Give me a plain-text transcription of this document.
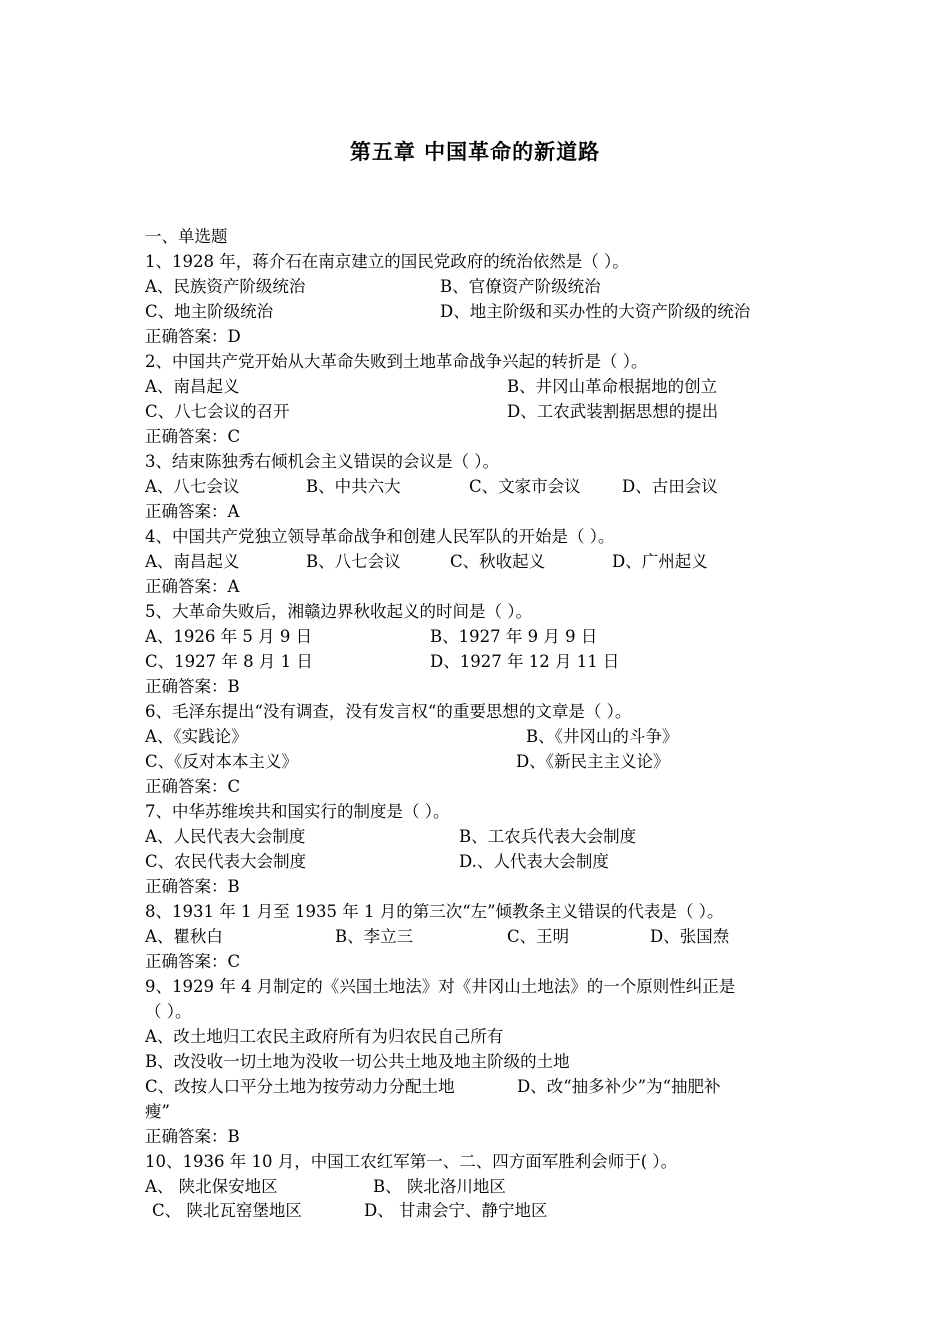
第五章 中国革命的新道路
一、单选题
1、1928 年，蒋介石在南京建立的国民党政府的统治依然是（ ）。
A、民族资产阶级统治	B、官僚资产阶级统治
C、地主阶级统治	D、地主阶级和买办性的大资产阶级的统治
正确答案：D
2、中国共产党开始从大革命失败到土地革命战争兴起的转折是（ ）。
A、南昌起义	B、井冈山革命根据地的创立
C、八七会议的召开	D、工农武装割据思想的提出
正确答案：C
3、结束陈独秀右倾机会主义错误的会议是（ ）。
A、八七会议	B、中共六大	C、文家市会议	D、古田会议
正确答案：A
4、中国共产党独立领导革命战争和创建人民军队的开始是（ ）。
A、南昌起义	B、八七会议	C、秋收起义	D、广州起义
正确答案：A
5、大革命失败后，湘赣边界秋收起义的时间是（ ）。
A、1926 年 5 月 9 日	B、1927 年 9 月 9 日
C、1927 年 8 月 1 日	D、1927 年 12 月 11 日
正确答案：B
6、毛泽东提出“没有调查，没有发言权“的重要思想的文章是（ ）。
A、《实践论》	B、《井冈山的斗争》
C、《反对本本主义》	D、《新民主主义论》
正确答案：C
7、中华苏维埃共和国实行的制度是（ ）。
A、人民代表大会制度	B、工农兵代表大会制度
C、农民代表大会制度	D.、人代表大会制度
正确答案：B
8、1931 年 1 月至 1935 年 1 月的第三次“左”倾教条主义错误的代表是（ ）。
A、瞿秋白	B、李立三	C、王明	D、张国焘
正确答案：C
9、1929 年 4 月制定的《兴国土地法》对《井冈山土地法》的一个原则性纠正是
（ ）。
A、改土地归工农民主政府所有为归农民自己所有
B、改没收一切土地为没收一切公共土地及地主阶级的土地
C、改按人口平分土地为按劳动力分配土地	D、改“抽多补少”为“抽肥补
瘦”
正确答案：B
10、1936 年 10 月，中国工农红军第一、二、四方面军胜利会师于( ）。
A、 陕北保安地区	B、 陕北洛川地区
C、 陕北瓦窑堡地区	D、 甘肃会宁、静宁地区
